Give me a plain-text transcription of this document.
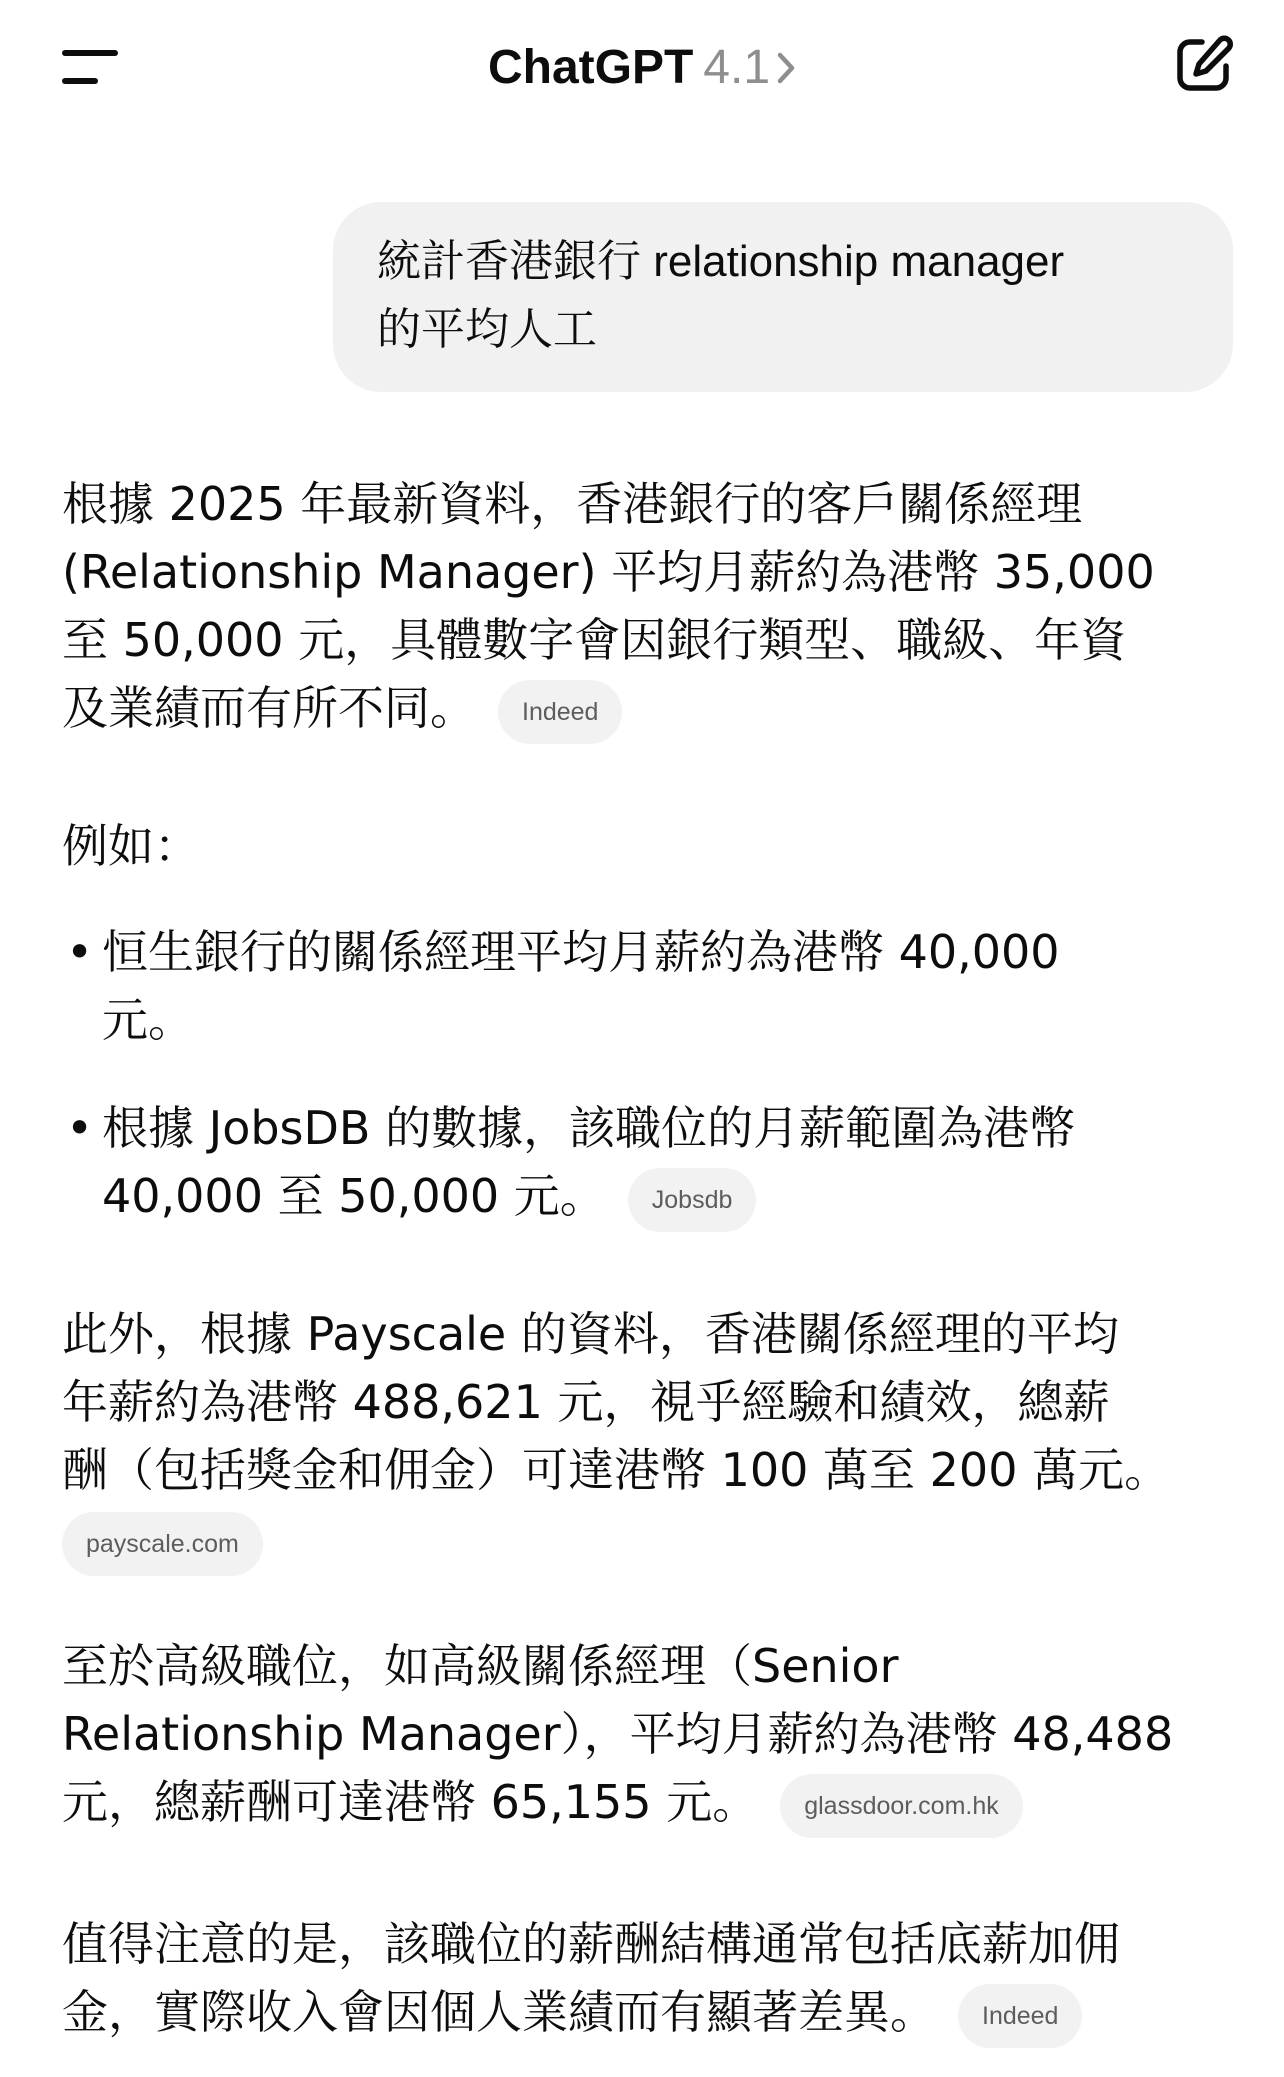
ChatGPT 4.1
統計香港銀行 relationship manager
的平均人工
根據 2025 年最新資料，香港銀行的客戶關係經理
(Relationship Manager) 平均月薪約為港幣 35,000
至 50,000 元，具體數字會因銀行類型、職級、年資
及業績而有所不同。 Indeed
例如：
• 恒生銀行的關係經理平均月薪約為港幣 40,000
元。
• 根據 JobsDB 的數據，該職位的月薪範圍為港幣
40,000 至 50,000 元。 Jobsdb
此外，根據 Payscale 的資料，香港關係經理的平均
年薪約為港幣 488,621 元，視乎經驗和績效，總薪
酬（包括獎金和佣金）可達港幣 100 萬至 200 萬元。
payscale.com
至於高級職位，如高級關係經理（Senior
Relationship Manager），平均月薪約為港幣 48,488
元，總薪酬可達港幣 65,155 元。 glassdoor.com.hk
值得注意的是，該職位的薪酬結構通常包括底薪加佣
金，實際收入會因個人業績而有顯著差異。 Indeed
